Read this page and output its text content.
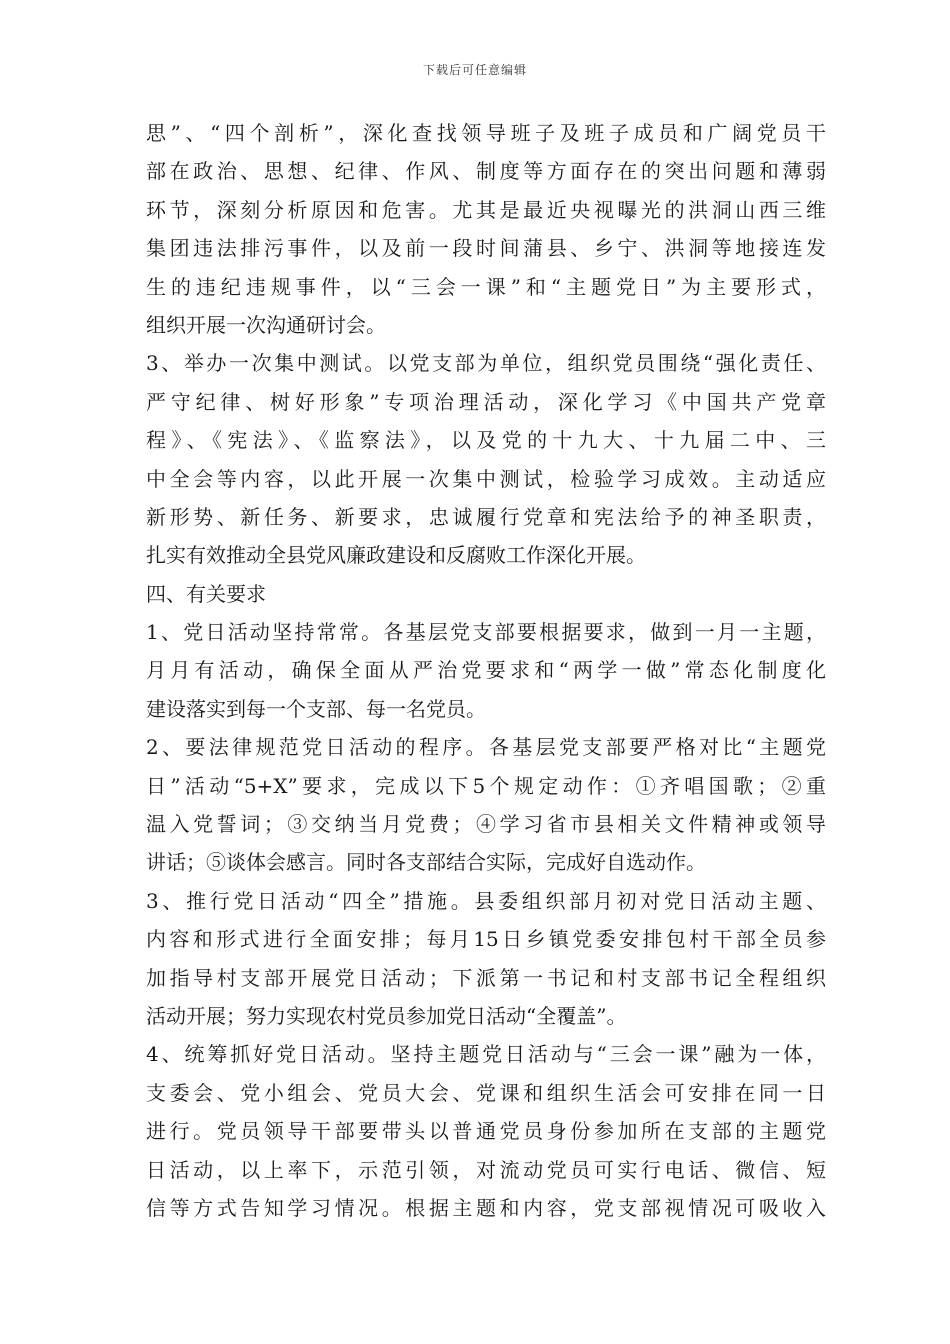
下载后可任意编辑
思”、“四个剖析”，深化查找领导班子及班子成员和广阔党员干
部在政治、思想、纪律、作风、制度等方面存在的突出问题和薄弱
环节，深刻分析原因和危害。尤其是最近央视曝光的洪洞山西三维
集团违法排污事件，以及前一段时间蒲县、乡宁、洪洞等地接连发
生的违纪违规事件，以“三会一课”和“主题党日”为主要形式，
组织开展一次沟通研讨会。
3、举办一次集中测试。以党支部为单位，组织党员围绕“强化责任、
严守纪律、树好形象”专项治理活动，深化学习《中国共产党章
程》、《宪法》、《监察法》，以及党的十九大、十九届二中、三
中全会等内容，以此开展一次集中测试，检验学习成效。主动适应
新形势、新任务、新要求，忠诚履行党章和宪法给予的神圣职责，
扎实有效推动全县党风廉政建设和反腐败工作深化开展。
四、有关要求
1、党日活动坚持常常。各基层党支部要根据要求，做到一月一主题，
月月有活动，确保全面从严治党要求和“两学一做”常态化制度化
建设落实到每一个支部、每一名党员。
2、要法律规范党日活动的程序。各基层党支部要严格对比“主题党
日”活动“5+X”要求，完成以下5个规定动作：①齐唱国歌；②重
温入党誓词；③交纳当月党费；④学习省市县相关文件精神或领导
讲话；⑤谈体会感言。同时各支部结合实际，完成好自选动作。
3、推行党日活动“四全”措施。县委组织部月初对党日活动主题、
内容和形式进行全面安排；每月15日乡镇党委安排包村干部全员参
加指导村支部开展党日活动；下派第一书记和村支部书记全程组织
活动开展；努力实现农村党员参加党日活动“全覆盖”。
4、统筹抓好党日活动。坚持主题党日活动与“三会一课”融为一体，
支委会、党小组会、党员大会、党课和组织生活会可安排在同一日
进行。党员领导干部要带头以普通党员身份参加所在支部的主题党
日活动，以上率下，示范引领，对流动党员可实行电话、微信、短
信等方式告知学习情况。根据主题和内容，党支部视情况可吸收入
